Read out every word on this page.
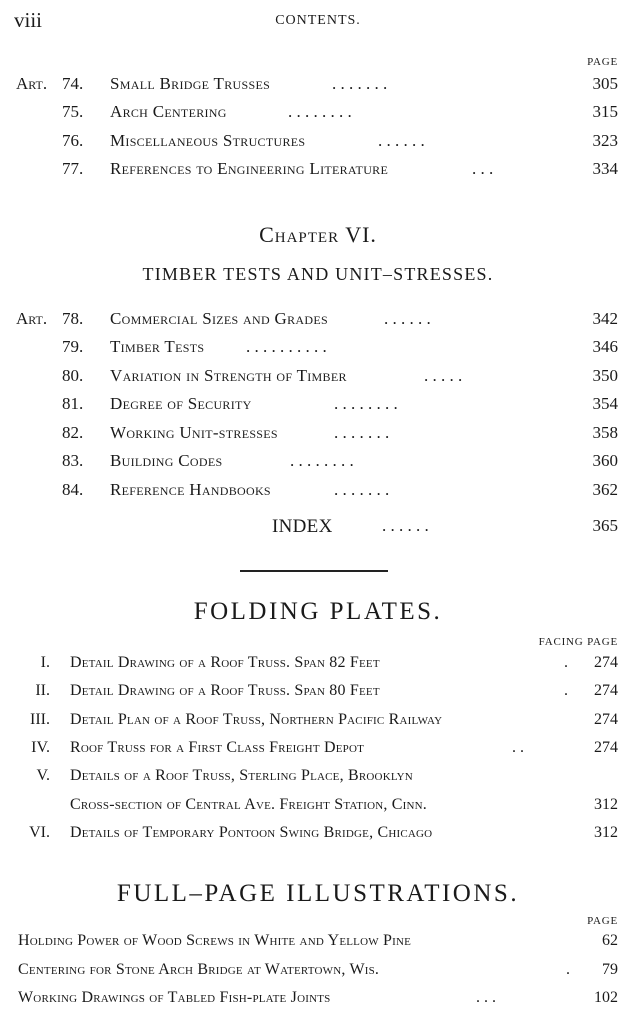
viii	CONTENTS.
PAGE
Art. 74. Small Bridge Trusses	. . . . . . .	305
75. Arch Centering	. . . . . . . .	315
76. Miscellaneous Structures	. . . . . .	323
77. References to Engineering Literature	. . .	334
Chapter VI.
TIMBER TESTS AND UNIT–STRESSES.
Art. 78. Commercial Sizes and Grades	. . . . . .	342
79. Timber Tests . . . . . . . . . .	346
80. Variation in Strength of Timber	. . . . .	350
81. Degree of Security	. . . . . . . .	354
82. Working Unit-stresses	. . . . . . .	358
83. Building Codes	. . . . . . . .	360
84. Reference Handbooks	. . . . . . .	362
INDEX	. . . . . .	365
FOLDING PLATES.
FACING PAGE
I. Detail Drawing of a Roof Truss. Span 82 Feet	. 274
II. Detail Drawing of a Roof Truss. Span 80 Feet	. 274
III. Detail Plan of a Roof Truss, Northern Pacific Railway	274
IV. Roof Truss for a First Class Freight Depot	. .	274
V. Details of a Roof Truss, Sterling Place, Brooklyn
Cross-section of Central Ave. Freight Station, Cinn.	312
VI. Details of Temporary Pontoon Swing Bridge, Chicago	312
FULL–PAGE ILLUSTRATIONS.
PAGE
Holding Power of Wood Screws in White and Yellow Pine	62
Centering for Stone Arch Bridge at Watertown, Wis.	. 79
Working Drawings of Tabled Fish-plate Joints	. . .	102
